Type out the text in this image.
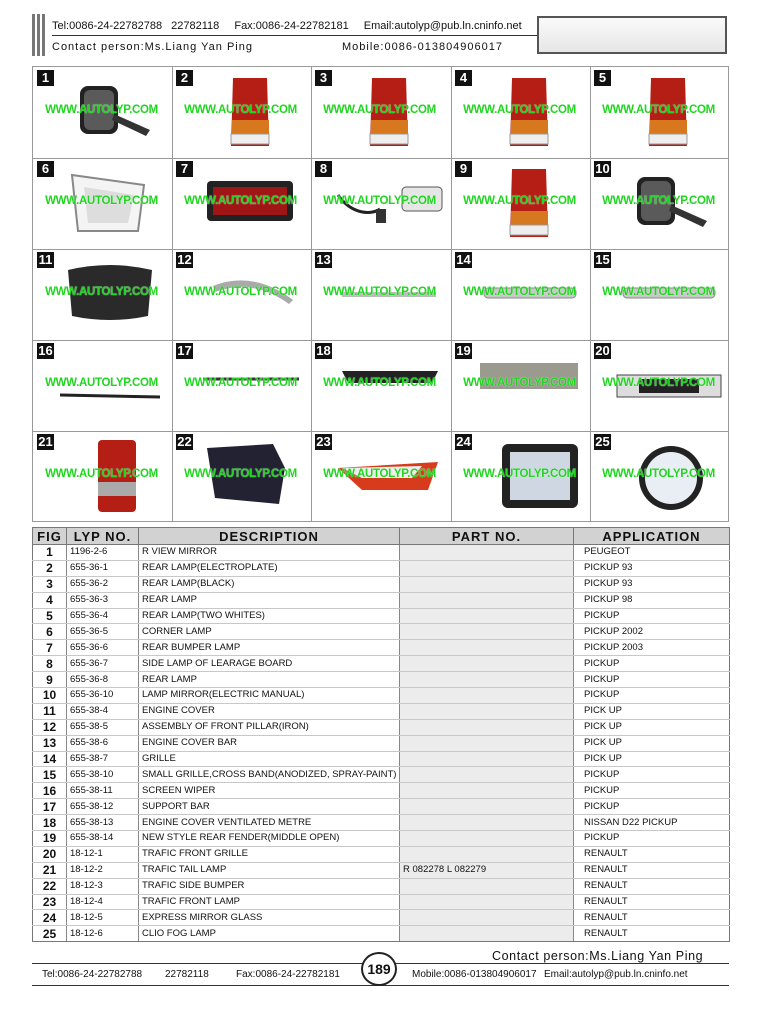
Tel:0086-24-22782788 22782118 Fax:0086-24-22782181 Email:autolyp@pub.ln.cninfo.net
Contact person:Ms.Liang Yan Ping	Mobile:0086-013804906017
1
WWW.AUTOLYP.COM
2
WWW.AUTOLYP.COM
3
WWW.AUTOLYP.COM
4
WWW.AUTOLYP.COM
5
WWW.AUTOLYP.COM
6
WWW.AUTOLYP.COM
7
WWW.AUTOLYP.COM
8
WWW.AUTOLYP.COM
9
WWW.AUTOLYP.COM
10
WWW.AUTOLYP.COM
11
WWW.AUTOLYP.COM
12
WWW.AUTOLYP.COM
13
WWW.AUTOLYP.COM
14
WWW.AUTOLYP.COM
15
WWW.AUTOLYP.COM
16
WWW.AUTOLYP.COM
17
WWW.AUTOLYP.COM
18
WWW.AUTOLYP.COM
19
WWW.AUTOLYP.COM
20
WWW.AUTOLYP.COM
21
WWW.AUTOLYP.COM
22
WWW.AUTOLYP.COM
23
WWW.AUTOLYP.COM
24
WWW.AUTOLYP.COM
25
WWW.AUTOLYP.COM
FIG	LYP NO.	DESCRIPTION	PART NO.	APPLICATION
1	1196-2-6	R VIEW MIRROR		PEUGEOT
2	655-36-1	REAR LAMP(ELECTROPLATE)		PICKUP 93
3	655-36-2	REAR LAMP(BLACK)		PICKUP 93
4	655-36-3	REAR LAMP		PICKUP 98
5	655-36-4	REAR LAMP(TWO WHITES)		PICKUP
6	655-36-5	CORNER LAMP		PICKUP 2002
7	655-36-6	REAR BUMPER LAMP		PICKUP 2003
8	655-36-7	SIDE LAMP OF LEARAGE BOARD		PICKUP
9	655-36-8	REAR LAMP		PICKUP
10	655-36-10	LAMP MIRROR(ELECTRIC MANUAL)		PICKUP
11	655-38-4	ENGINE COVER		PICK UP
12	655-38-5	ASSEMBLY OF FRONT PILLAR(IRON)		PICK UP
13	655-38-6	ENGINE COVER BAR		PICK UP
14	655-38-7	GRILLE		PICK UP
15	655-38-10	SMALL GRILLE,CROSS BAND(ANODIZED, SPRAY-PAINT)		PICKUP
16	655-38-11	SCREEN WIPER		PICKUP
17	655-38-12	SUPPORT BAR		PICKUP
18	655-38-13	ENGINE COVER VENTILATED METRE		NISSAN D22 PICKUP
19	655-38-14	NEW STYLE REAR FENDER(MIDDLE OPEN)		PICKUP
20	18-12-1	TRAFIC FRONT GRILLE		RENAULT
21	18-12-2	TRAFIC TAIL LAMP	R 082278 L 082279	RENAULT
22	18-12-3	TRAFIC SIDE BUMPER		RENAULT
23	18-12-4	TRAFIC FRONT LAMP		RENAULT
24	18-12-5	EXPRESS MIRROR GLASS		RENAULT
25	18-12-6	CLIO FOG LAMP		RENAULT
Contact person:Ms.Liang Yan Ping
Tel:0086-24-22782788 22782118	Fax:0086-24-22782181	Mobile:0086-013804906017 Email:autolyp@pub.ln.cninfo.net
189
